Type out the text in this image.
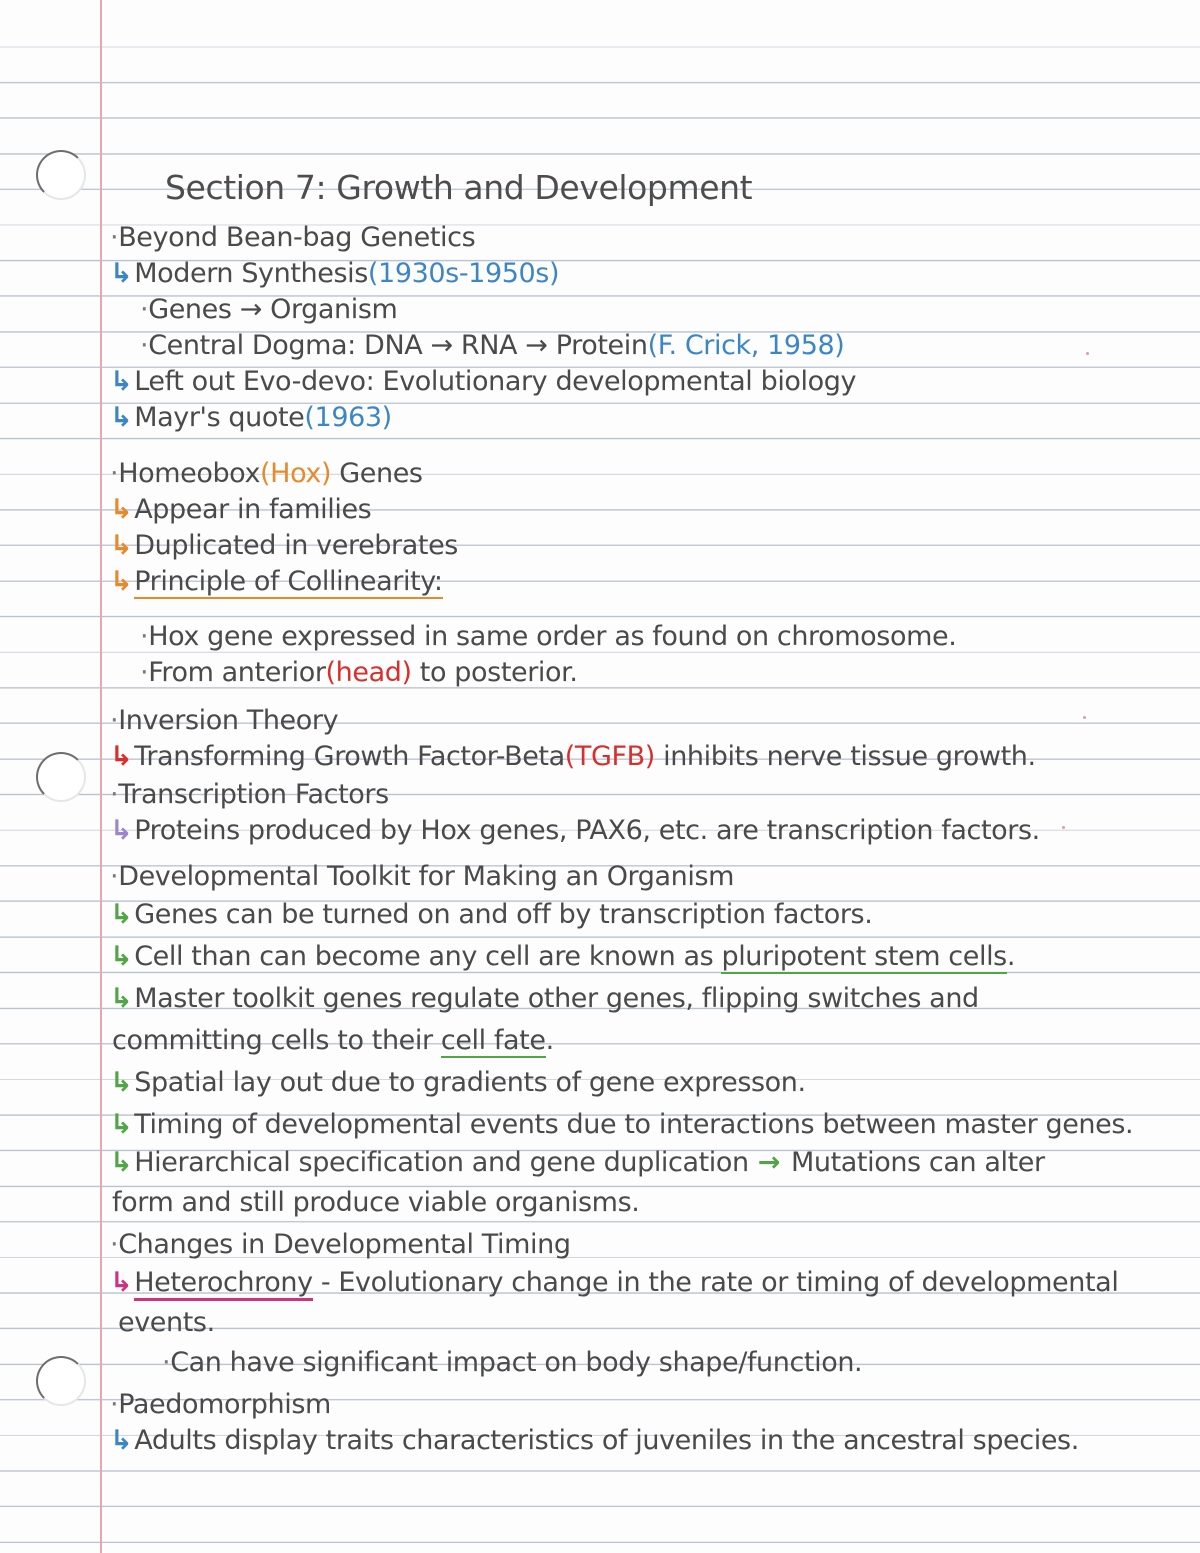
Section 7: Growth and Development
·Beyond Bean-bag Genetics
↳Modern Synthesis(1930s-1950s)
·Genes → Organism
·Central Dogma: DNA → RNA → Protein(F. Crick, 1958)
↳Left out Evo-devo: Evolutionary developmental biology
↳Mayr's quote(1963)
·Homeobox(Hox) Genes
↳Appear in families
↳Duplicated in verebrates
↳Principle of Collinearity:
·Hox gene expressed in same order as found on chromosome.
·From anterior(head) to posterior.
·Inversion Theory
↳Transforming Growth Factor-Beta(TGFB) inhibits nerve tissue growth.
·Transcription Factors
↳Proteins produced by Hox genes, PAX6, etc. are transcription factors.
·Developmental Toolkit for Making an Organism
↳Genes can be turned on and off by transcription factors.
↳Cell than can become any cell are known as pluripotent stem cells.
↳Master toolkit genes regulate other genes, flipping switches and
committing cells to their cell fate.
↳Spatial lay out due to gradients of gene expresson.
↳Timing of developmental events due to interactions between master genes.
↳Hierarchical specification and gene duplication → Mutations can alter
form and still produce viable organisms.
·Changes in Developmental Timing
↳Heterochrony - Evolutionary change in the rate or timing of developmental
events.
·Can have significant impact on body shape/function.
·Paedomorphism
↳Adults display traits characteristics of juveniles in the ancestral species.
